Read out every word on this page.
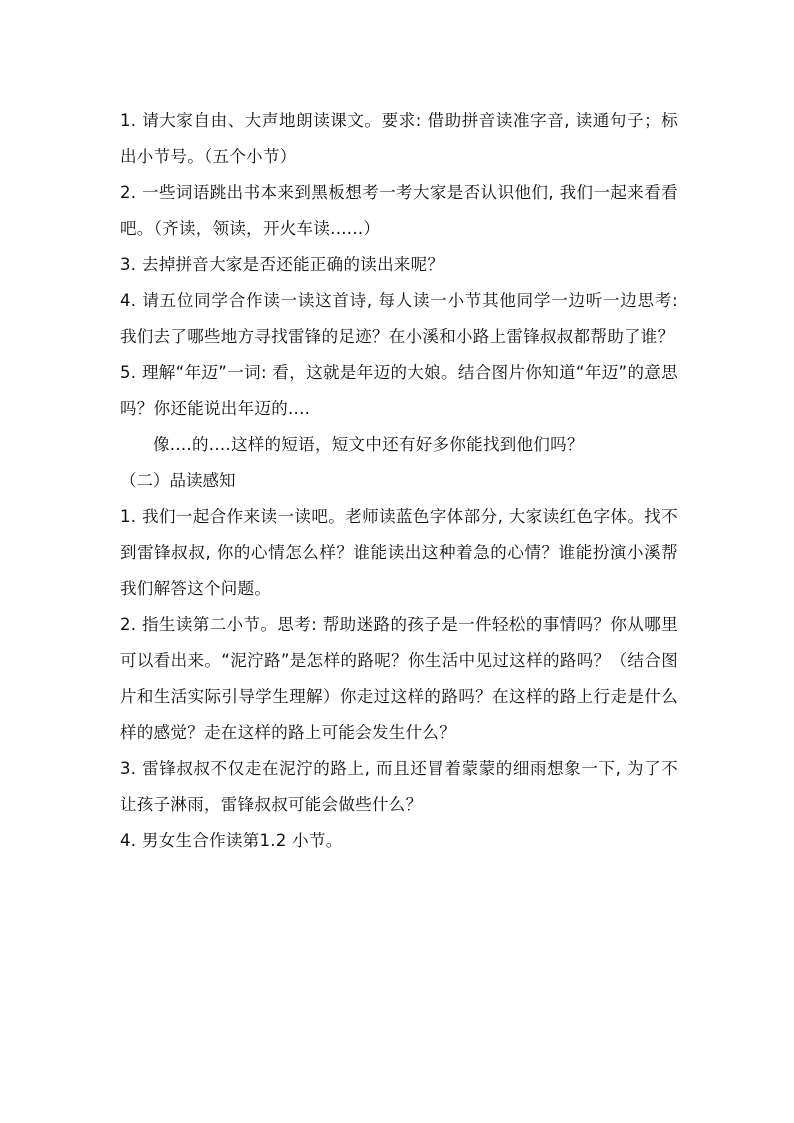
1. 请大家自由、大声地朗读课文。要求: 借助拼音读准字音, 读通句子；标出小节号。（五个小节）

2. 一些词语跳出书本来到黑板想考一考大家是否认识他们, 我们一起来看看吧。（齐读，领读，开火车读......）

3. 去掉拼音大家是否还能正确的读出来呢？

4. 请五位同学合作读一读这首诗, 每人读一小节其他同学一边听一边思考: 我们去了哪些地方寻找雷锋的足迹？在小溪和小路上雷锋叔叔都帮助了谁？

5. 理解“年迈”一词: 看，这就是年迈的大娘。结合图片你知道“年迈”的意思吗？你还能说出年迈的....

像....的....这样的短语，短文中还有好多你能找到他们吗？

（二）品读感知

1. 我们一起合作来读一读吧。老师读蓝色字体部分, 大家读红色字体。找不到雷锋叔叔, 你的心情怎么样？谁能读出这种着急的心情？谁能扮演小溪帮我们解答这个问题。

2. 指生读第二小节。思考: 帮助迷路的孩子是一件轻松的事情吗？你从哪里可以看出来。“泥泞路”是怎样的路呢？你生活中见过这样的路吗？（结合图片和生活实际引导学生理解）你走过这样的路吗？在这样的路上行走是什么样的感觉？走在这样的路上可能会发生什么？

3. 雷锋叔叔不仅走在泥泞的路上, 而且还冒着蒙蒙的细雨想象一下, 为了不让孩子淋雨，雷锋叔叔可能会做些什么？

4. 男女生合作读第1.2 小节。
